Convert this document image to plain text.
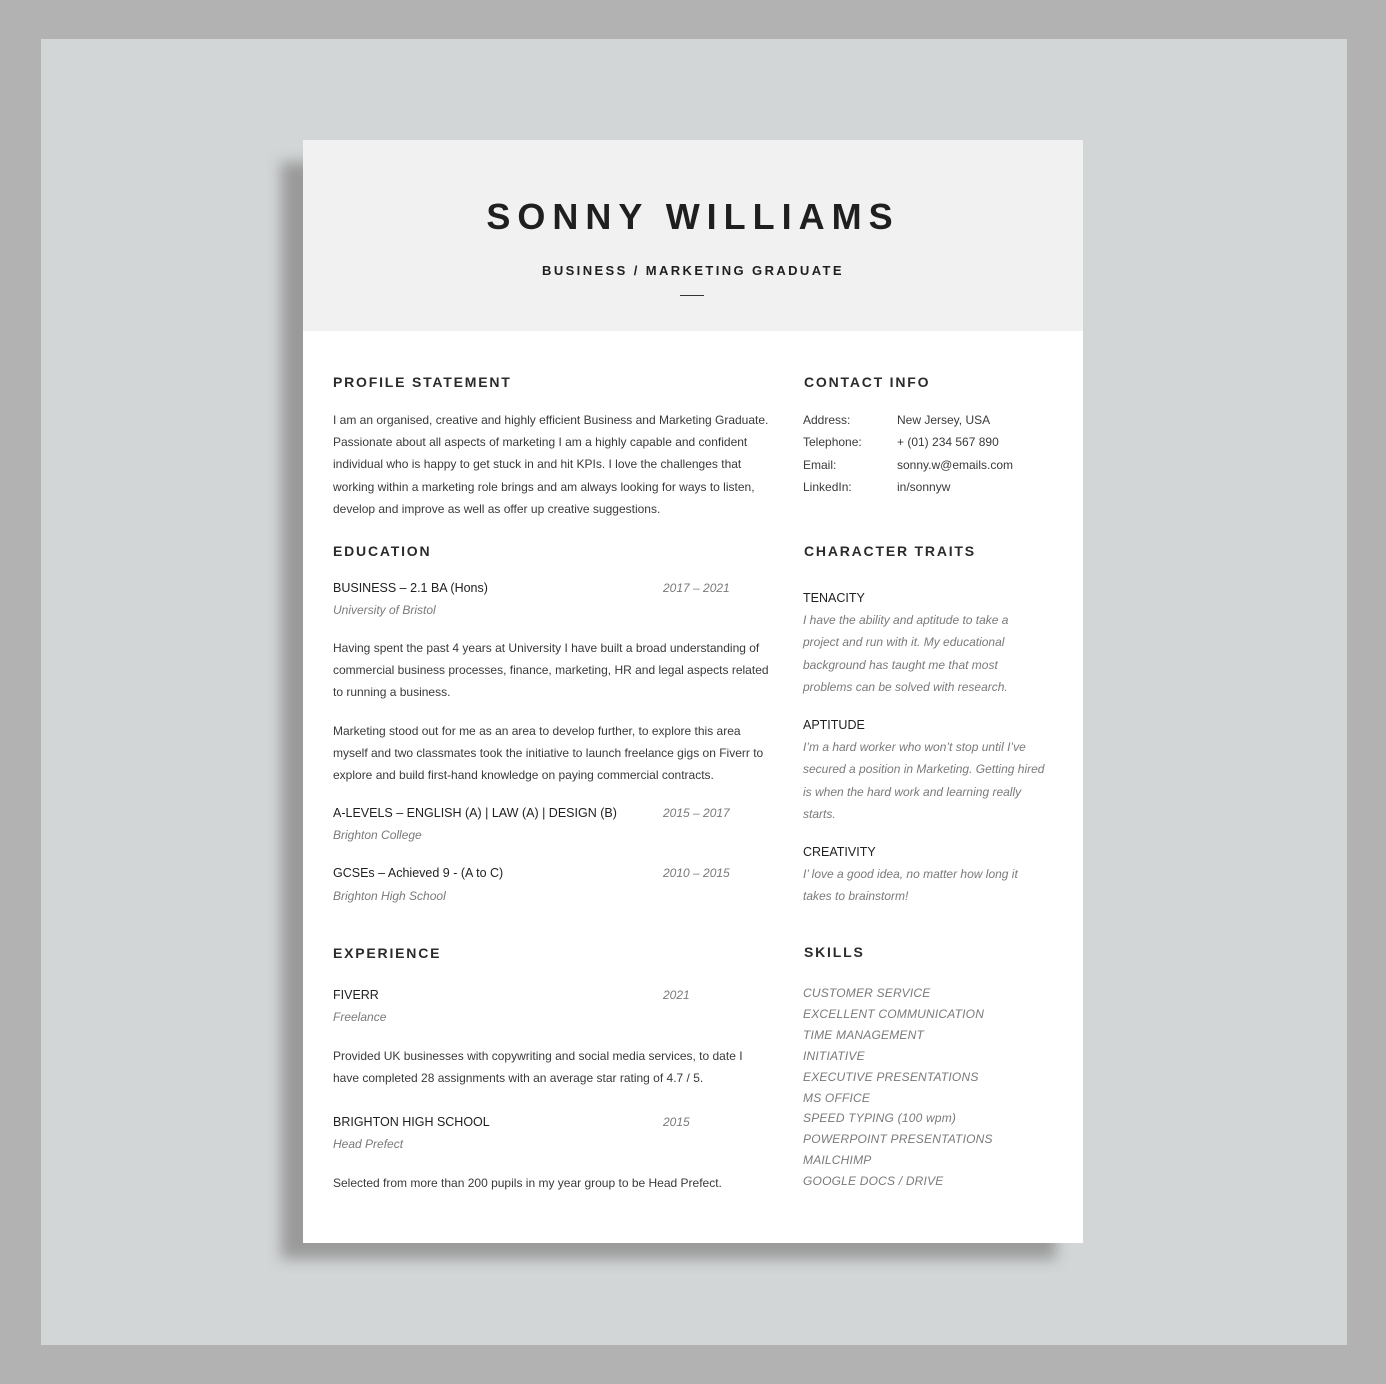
SONNY WILLIAMS
BUSINESS / MARKETING GRADUATE
PROFILE STATEMENT

I am an organised, creative and highly efficient Business and Marketing Graduate.
Passionate about all aspects of marketing I am a highly capable and confident
individual who is happy to get stuck in and hit KPIs. I love the challenges that
working within a marketing role brings and am always looking for ways to listen,
develop and improve as well as offer up creative suggestions.

EDUCATION
BUSINESS – 2.1 BA (Hons)	2017 – 2021
University of Bristol

Having spent the past 4 years at University I have built a broad understanding of
commercial business processes, finance, marketing, HR and legal aspects related
to running a business.

Marketing stood out for me as an area to develop further, to explore this area
myself and two classmates took the initiative to launch freelance gigs on Fiverr to
explore and build first-hand knowledge on paying commercial contracts.

A-LEVELS – ENGLISH (A) | LAW (A) | DESIGN (B)	2015 – 2017
Brighton College
GCSEs – Achieved 9 - (A to C)	2010 – 2015
Brighton High School
EXPERIENCE
FIVERR	2021
Freelance

Provided UK businesses with copywriting and social media services, to date I
have completed 28 assignments with an average star rating of 4.7 / 5.

BRIGHTON HIGH SCHOOL	2015
Head Prefect

Selected from more than 200 pupils in my year group to be Head Prefect.

CONTACT INFO
Address:	New Jersey, USA
Telephone:	+ (01) 234 567 890
Email:	sonny.w@emails.com
LinkedIn:	in/sonnyw
CHARACTER TRAITS
TENACITY

I have the ability and aptitude to take a
project and run with it. My educational
background has taught me that most
problems can be solved with research.

APTITUDE

I’m a hard worker who won’t stop until I’ve
secured a position in Marketing. Getting hired
is when the hard work and learning really
starts.

CREATIVITY

I’ love a good idea, no matter how long it
takes to brainstorm!

SKILLS
CUSTOMER SERVICE
EXCELLENT COMMUNICATION
TIME MANAGEMENT
INITIATIVE
EXECUTIVE PRESENTATIONS
MS OFFICE
SPEED TYPING (100 wpm)
POWERPOINT PRESENTATIONS
MAILCHIMP
GOOGLE DOCS / DRIVE
